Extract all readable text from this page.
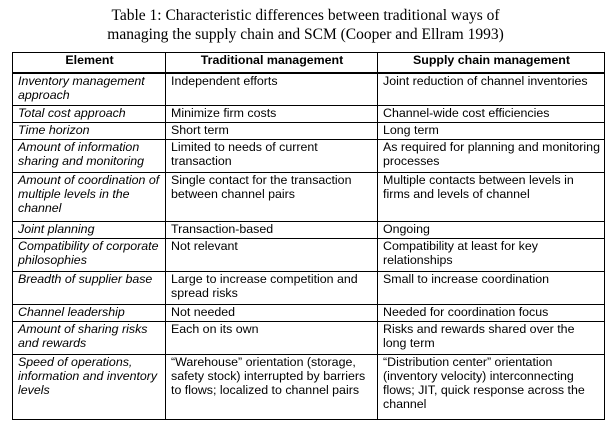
Table 1: Characteristic differences between traditional ways of
managing the supply chain and SCM (Cooper and Ellram 1993)
Element	Traditional management	Supply chain management
Inventory management approach	Independent efforts	Joint reduction of channel inventories
Total cost approach	Minimize firm costs	Channel-wide cost efficiencies
Time horizon	Short term	Long term
Amount of information sharing and monitoring	Limited to needs of current transaction	As required for planning and monitoring processes
Amount of coordination of multiple levels in the channel	Single contact for the transaction between channel pairs	Multiple contacts between levels in firms and levels of channel
Joint planning	Transaction-based	Ongoing
Compatibility of corporate philosophies	Not relevant	Compatibility at least for key relationships
Breadth of supplier base	Large to increase competition and spread risks	Small to increase coordination
Channel leadership	Not needed	Needed for coordination focus
Amount of sharing risks and rewards	Each on its own	Risks and rewards shared over the long term
Speed of operations, information and inventory levels	“Warehouse” orientation (storage, safety stock) interrupted by barriers to flows; localized to channel pairs	“Distribution center” orientation (inventory velocity) interconnecting flows; JIT, quick response across the channel
